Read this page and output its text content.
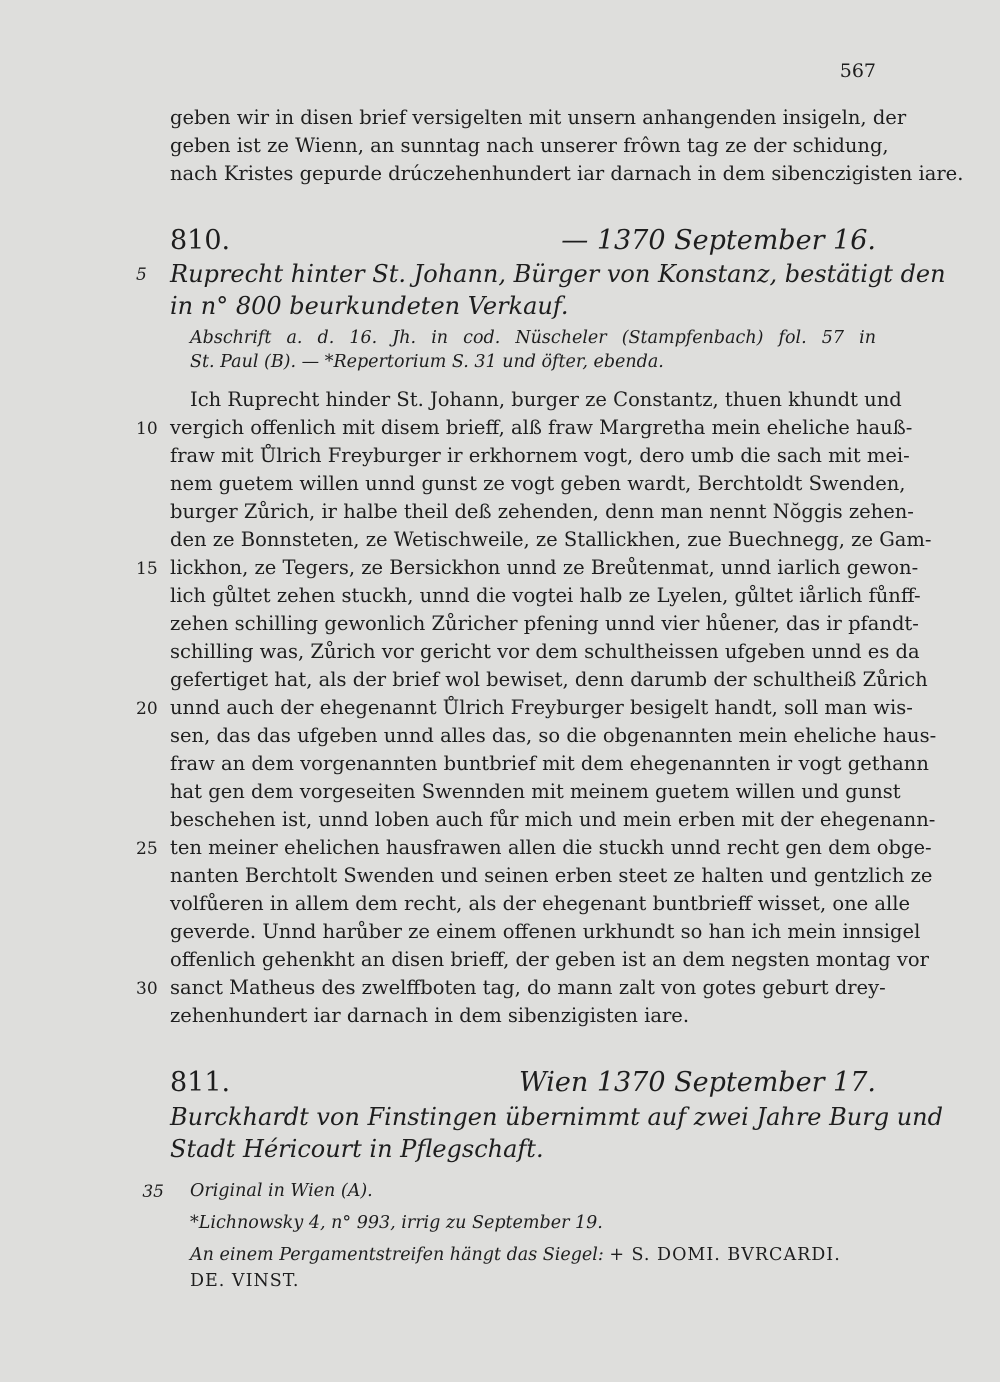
567
geben wir in disen brief versigelten mit unsern anhangenden insigeln, der
geben ist ze Wienn, an sunntag nach unserer frôwn tag ze der schidung,
nach Kristes gepurde drúczehenhundert iar darnach in dem sibenczigisten iare.
810.	— 1370 September 16.
5 Ruprecht hinter St. Johann, Bürger von Konstanz, bestätigt den
in n° 800 beurkundeten Verkauf.
Abschrift a. d. 16. Jh. in cod. Nüscheler (Stampfenbach) fol. 57 in
St. Paul (B). — *Repertorium S. 31 und öfter, ebenda.
Ich Ruprecht hinder St. Johann, burger ze Constantz, thuen khundt und
10 vergich offenlich mit disem brieff, alß fraw Margretha mein eheliche hauß-
fraw mit Ůlrich Freyburger ir erkhornem vogt, dero umb die sach mit mei-
nem guetem willen unnd gunst ze vogt geben wardt, Berchtoldt Swenden,
burger Zůrich, ir halbe theil deß zehenden, denn man nennt Nŏggis zehen-
den ze Bonnsteten, ze Wetischweile, ze Stallickhen, zue Buechnegg, ze Gam-
15 lickhon, ze Tegers, ze Bersickhon unnd ze Breůtenmat, unnd iarlich gewon-
lich gůltet zehen stuckh, unnd die vogtei halb ze Lyelen, gůltet iårlich fůnff-
zehen schilling gewonlich Zůricher pfening unnd vier hůener, das ir pfandt-
schilling was, Zůrich vor gericht vor dem schultheissen ufgeben unnd es da
gefertiget hat, als der brief wol bewiset, denn darumb der schultheiß Zůrich
20 unnd auch der ehegenannt Ůlrich Freyburger besigelt handt, soll man wis-
sen, das das ufgeben unnd alles das, so die obgenannten mein eheliche haus-
fraw an dem vorgenannten buntbrief mit dem ehegenannten ir vogt gethann
hat gen dem vorgeseiten Swennden mit meinem guetem willen und gunst
beschehen ist, unnd loben auch fůr mich und mein erben mit der ehegenann-
25 ten meiner ehelichen hausfrawen allen die stuckh unnd recht gen dem obge-
nanten Berchtolt Swenden und seinen erben steet ze halten und gentzlich ze
volfůeren in allem dem recht, als der ehegenant buntbrieff wisset, one alle
geverde. Unnd harůber ze einem offenen urkhundt so han ich mein innsigel
offenlich gehenkht an disen brieff, der geben ist an dem negsten montag vor
30 sanct Matheus des zwelffboten tag, do mann zalt von gotes geburt drey-
zehenhundert iar darnach in dem sibenzigisten iare.
811.	Wien 1370 September 17.
Burckhardt von Finstingen übernimmt auf zwei Jahre Burg und
Stadt Héricourt in Pflegschaft.
35 Original in Wien (A).
*Lichnowsky 4, n° 993, irrig zu September 19.
An einem Pergamentstreifen hängt das Siegel: + S. DOMI. BVRCARDI.
DE. VINST.
